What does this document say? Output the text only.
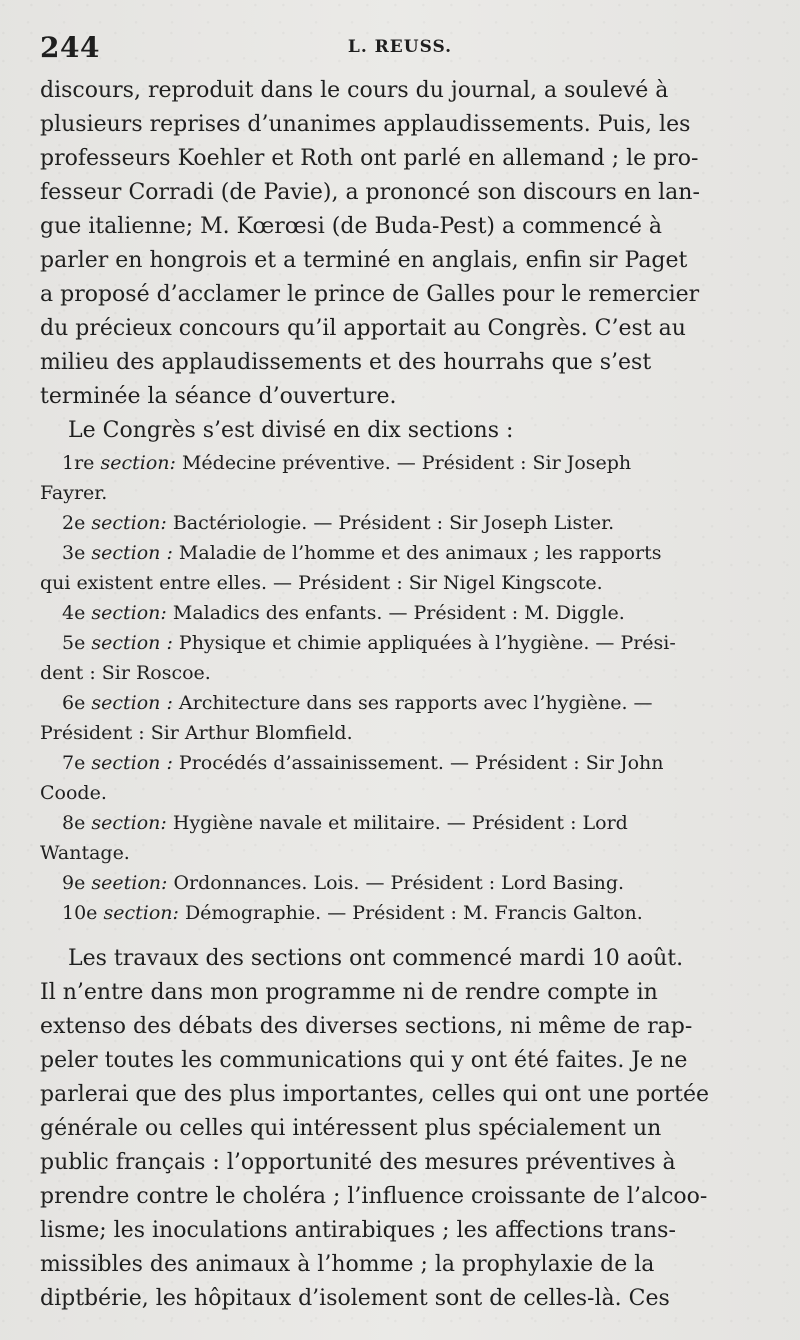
244	L. REUSS.
discours, reproduit dans le cours du journal, a soulevé à
plusieurs reprises d’unanimes applaudissements. Puis, les
professeurs Koehler et Roth ont parlé en allemand ; le pro-
fesseur Corradi (de Pavie), a prononcé son discours en lan-
gue italienne; M. Kœrœsi (de Buda-Pest) a commencé à
parler en hongrois et a terminé en anglais, enfin sir Paget
a proposé d’acclamer le prince de Galles pour le remercier
du précieux concours qu’il apportait au Congrès. C’est au
milieu des applaudissements et des hourrahs que s’est
terminée la séance d’ouverture.
Le Congrès s’est divisé en dix sections :
1re section: Médecine préventive. — Président : Sir Joseph
Fayrer.
2e section: Bactériologie. — Président : Sir Joseph Lister.
3e section : Maladie de l’homme et des animaux ; les rapports
qui existent entre elles. — Président : Sir Nigel Kingscote.
4e section: Maladics des enfants. — Président : M. Diggle.
5e section : Physique et chimie appliquées à l’hygiène. — Prési-
dent : Sir Roscoe.
6e section : Architecture dans ses rapports avec l’hygiène. —
Président : Sir Arthur Blomfield.
7e section : Procédés d’assainissement. — Président : Sir John
Coode.
8e section: Hygiène navale et militaire. — Président : Lord
Wantage.
9e seetion: Ordonnances. Lois. — Président : Lord Basing.
10e section: Démographie. — Président : M. Francis Galton.
Les travaux des sections ont commencé mardi 10 août.
Il n’entre dans mon programme ni de rendre compte in
extenso des débats des diverses sections, ni même de rap-
peler toutes les communications qui y ont été faites. Je ne
parlerai que des plus importantes, celles qui ont une portée
générale ou celles qui intéressent plus spécialement un
public français : l’opportunité des mesures préventives à
prendre contre le choléra ; l’influence croissante de l’alcoo-
lisme; les inoculations antirabiques ; les affections trans-
missibles des animaux à l’homme ; la prophylaxie de la
diptbérie, les hôpitaux d’isolement sont de celles-là. Ces
